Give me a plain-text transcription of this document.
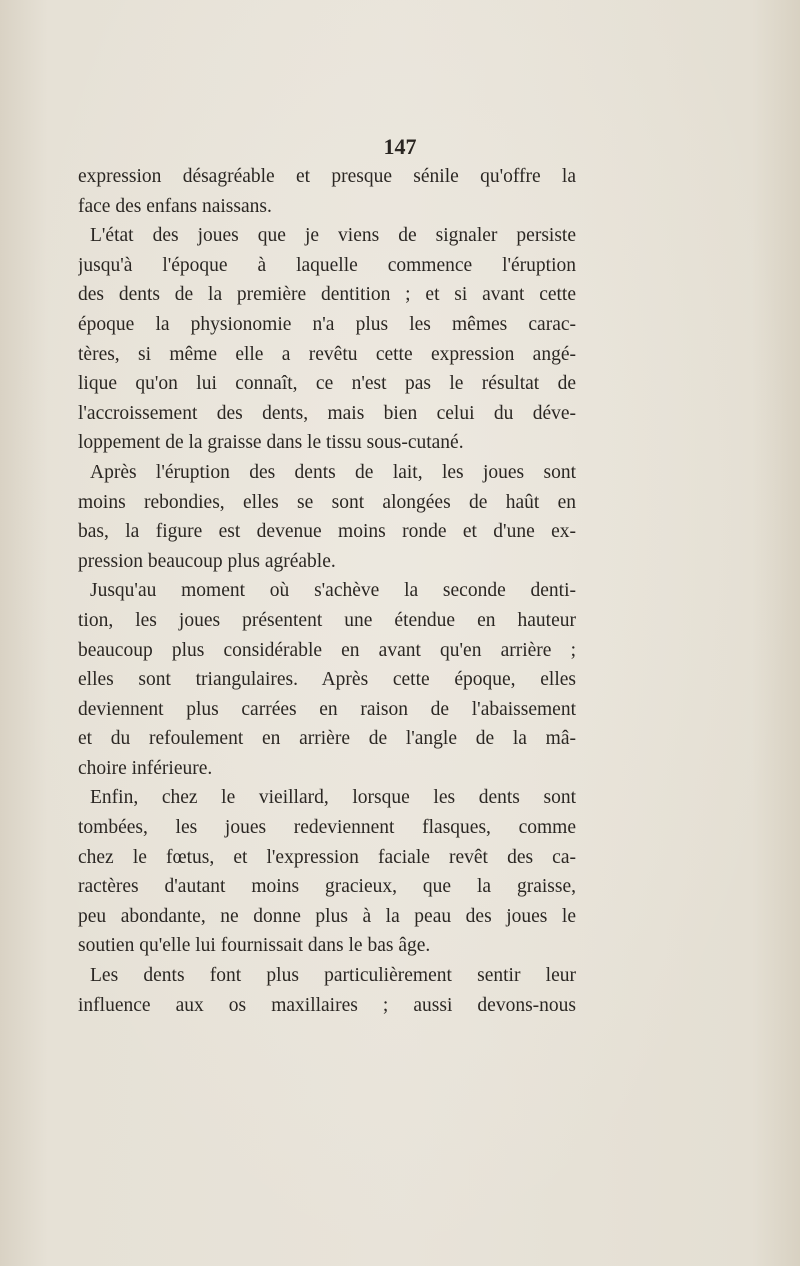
147
expression désagréable et presque sénile qu'offre la
face des enfans naissans.
L'état des joues que je viens de signaler persiste
jusqu'à l'époque à laquelle commence l'éruption
des dents de la première dentition ; et si avant cette
époque la physionomie n'a plus les mêmes carac-
tères, si même elle a revêtu cette expression angé-
lique qu'on lui connaît, ce n'est pas le résultat de
l'accroissement des dents, mais bien celui du déve-
loppement de la graisse dans le tissu sous-cutané.
Après l'éruption des dents de lait, les joues sont
moins rebondies, elles se sont alongées de haût en
bas, la figure est devenue moins ronde et d'une ex-
pression beaucoup plus agréable.
Jusqu'au moment où s'achève la seconde denti-
tion, les joues présentent une étendue en hauteur
beaucoup plus considérable en avant qu'en arrière ;
elles sont triangulaires. Après cette époque, elles
deviennent plus carrées en raison de l'abaissement
et du refoulement en arrière de l'angle de la mâ-
choire inférieure.
Enfin, chez le vieillard, lorsque les dents sont
tombées, les joues redeviennent flasques, comme
chez le fœtus, et l'expression faciale revêt des ca-
ractères d'autant moins gracieux, que la graisse,
peu abondante, ne donne plus à la peau des joues le
soutien qu'elle lui fournissait dans le bas âge.
Les dents font plus particulièrement sentir leur
influence aux os maxillaires ; aussi devons-nous
